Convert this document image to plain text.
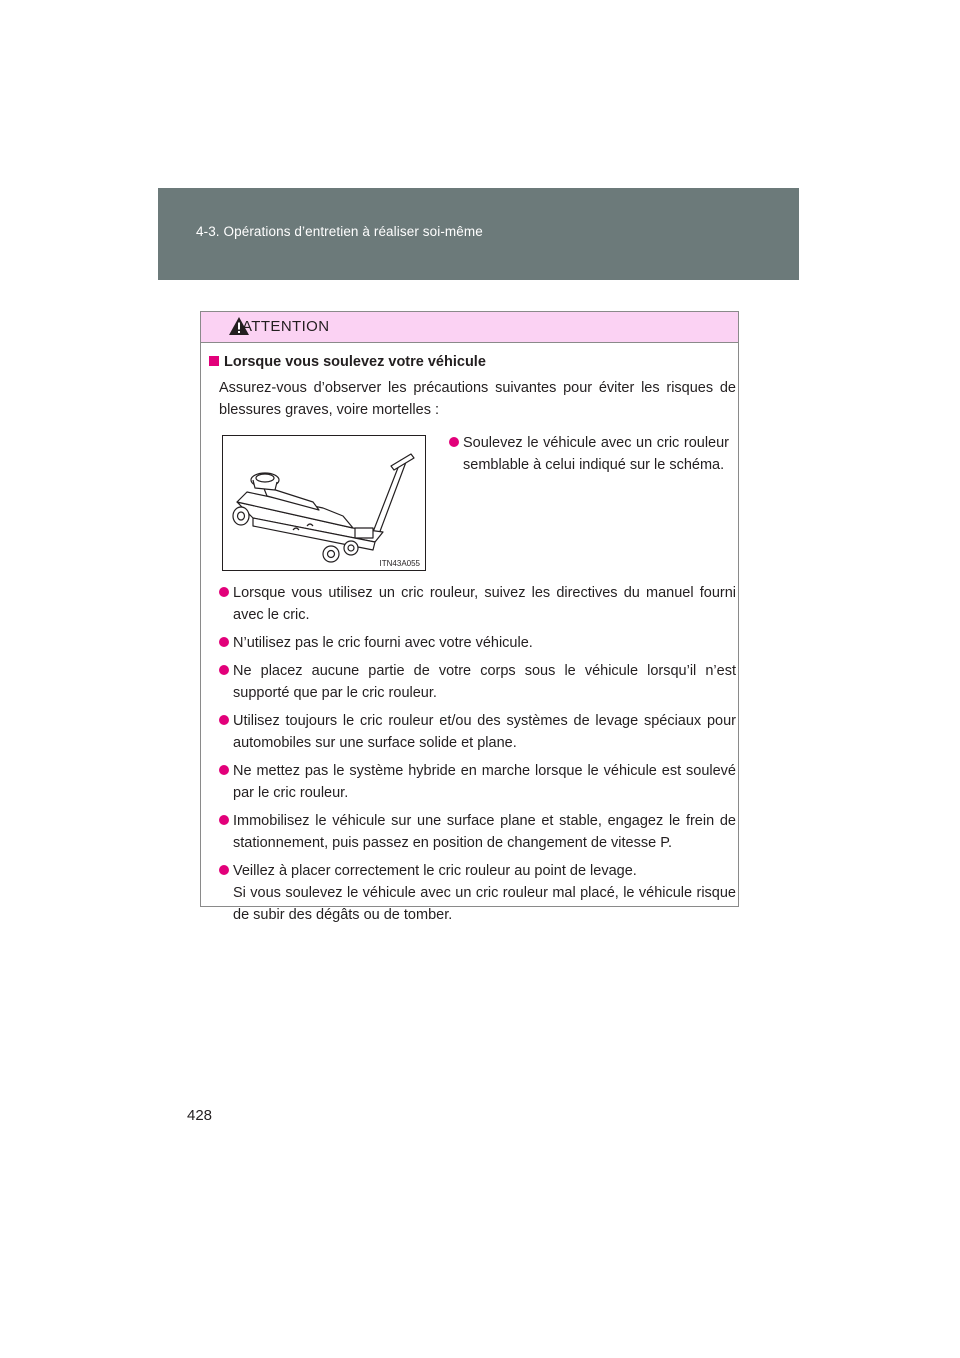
4-3. Opérations d’entretien à réaliser soi-même
ATTENTION
Lorsque vous soulevez votre véhicule
Assurez-vous d’observer les précautions suivantes pour éviter les risques de blessures graves, voire mortelles :
ITN43A055
Soulevez le véhicule avec un cric rouleur semblable à celui indiqué sur le schéma.

Lorsque vous utilisez un cric rouleur, suivez les directives du manuel fourni avec le cric.

N’utilisez pas le cric fourni avec votre véhicule.

Ne placez aucune partie de votre corps sous le véhicule lorsqu’il n’est supporté que par le cric rouleur.

Utilisez toujours le cric rouleur et/ou des systèmes de levage spéciaux pour automobiles sur une surface solide et plane.

Ne mettez pas le système hybride en marche lorsque le véhicule est soulevé par le cric rouleur.

Immobilisez le véhicule sur une surface plane et stable, engagez le frein de stationnement, puis passez en position de changement de vitesse P.

Veillez à placer correctement le cric rouleur au point de levage.

Si vous soulevez le véhicule avec un cric rouleur mal placé, le véhicule risque de subir des dégâts ou de tomber.

428
